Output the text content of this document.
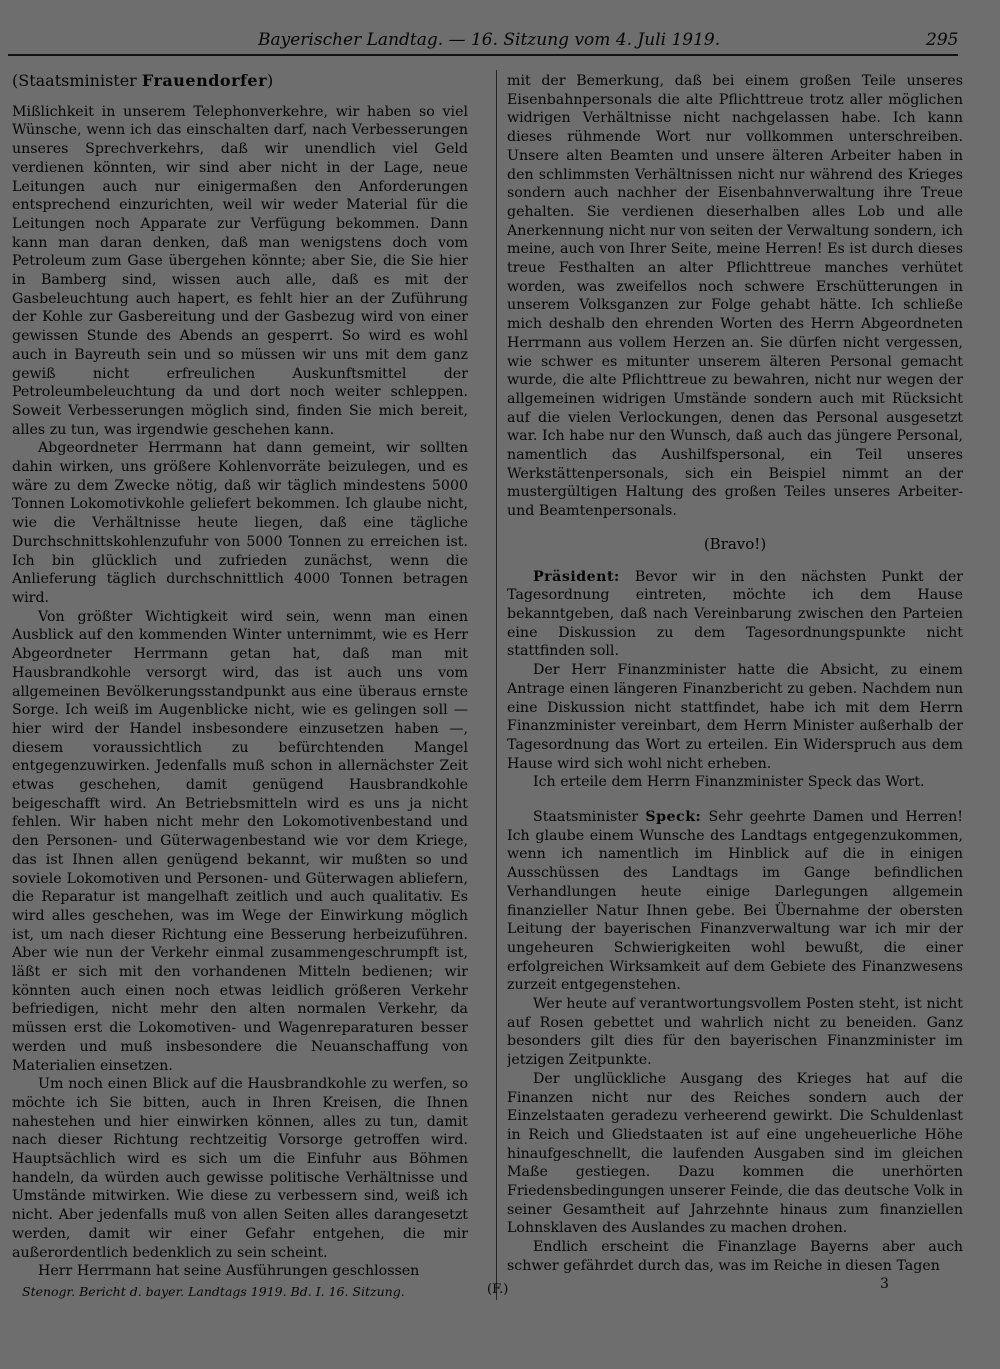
Bayerischer Landtag. — 16. Sitzung vom 4. Juli 1919.	295

(Staatsminister Frauendorfer)

Mißlichkeit in unserem Telephonverkehre, wir haben so viel Wünsche, wenn ich das einschalten darf, nach Verbesserungen unseres Sprechverkehrs, daß wir unendlich viel Geld verdienen könnten, wir sind aber nicht in der Lage, neue Leitungen auch nur einigermaßen den Anforderungen entsprechend einzurichten, weil wir weder Material für die Leitungen noch Apparate zur Verfügung bekommen. Dann kann man daran denken, daß man wenigstens doch vom Petroleum zum Gase übergehen könnte; aber Sie, die Sie hier in Bamberg sind, wissen auch alle, daß es mit der Gasbeleuchtung auch hapert, es fehlt hier an der Zuführung der Kohle zur Gasbereitung und der Gasbezug wird von einer gewissen Stunde des Abends an gesperrt. So wird es wohl auch in Bayreuth sein und so müssen wir uns mit dem ganz gewiß nicht erfreulichen Auskunftsmittel der Petroleumbeleuchtung da und dort noch weiter schleppen. Soweit Verbesserungen möglich sind, finden Sie mich bereit, alles zu tun, was irgendwie geschehen kann.

Abgeordneter Herrmann hat dann gemeint, wir sollten dahin wirken, uns größere Kohlenvorräte beizulegen, und es wäre zu dem Zwecke nötig, daß wir täglich mindestens 5000 Tonnen Lokomotivkohle geliefert bekommen. Ich glaube nicht, wie die Verhältnisse heute liegen, daß eine tägliche Durchschnittskohlenzufuhr von 5000 Tonnen zu erreichen ist. Ich bin glücklich und zufrieden zunächst, wenn die Anlieferung täglich durchschnittlich 4000 Tonnen betragen wird.

Von größter Wichtigkeit wird sein, wenn man einen Ausblick auf den kommenden Winter unternimmt, wie es Herr Abgeordneter Herrmann getan hat, daß man mit Hausbrandkohle versorgt wird, das ist auch uns vom allgemeinen Bevölkerungsstandpunkt aus eine überaus ernste Sorge. Ich weiß im Augenblicke nicht, wie es gelingen soll — hier wird der Handel insbesondere einzusetzen haben —, diesem voraussichtlich zu befürchtenden Mangel entgegenzuwirken. Jedenfalls muß schon in allernächster Zeit etwas geschehen, damit genügend Hausbrandkohle beigeschafft wird. An Betriebsmitteln wird es uns ja nicht fehlen. Wir haben nicht mehr den Lokomotivenbestand und den Personen- und Güterwagenbestand wie vor dem Kriege, das ist Ihnen allen genügend bekannt, wir mußten so und soviele Lokomotiven und Personen- und Güterwagen abliefern, die Reparatur ist mangelhaft zeitlich und auch qualitativ. Es wird alles geschehen, was im Wege der Einwirkung möglich ist, um nach dieser Richtung eine Besserung herbeizuführen. Aber wie nun der Verkehr einmal zusammengeschrumpft ist, läßt er sich mit den vorhandenen Mitteln bedienen; wir könnten auch einen noch etwas leidlich größeren Verkehr befriedigen, nicht mehr den alten normalen Verkehr, da müssen erst die Lokomotiven- und Wagenreparaturen besser werden und muß insbesondere die Neuanschaffung von Materialien einsetzen.

Um noch einen Blick auf die Hausbrandkohle zu werfen, so möchte ich Sie bitten, auch in Ihren Kreisen, die Ihnen nahestehen und hier einwirken können, alles zu tun, damit nach dieser Richtung rechtzeitig Vorsorge getroffen wird. Hauptsächlich wird es sich um die Einfuhr aus Böhmen handeln, da würden auch gewisse politische Verhältnisse und Umstände mitwirken. Wie diese zu verbessern sind, weiß ich nicht. Aber jedenfalls muß von allen Seiten alles darangesetzt werden, damit wir einer Gefahr entgehen, die mir außerordentlich bedenklich zu sein scheint.

Herr Herrmann hat seine Ausführungen geschlossen

mit der Bemerkung, daß bei einem großen Teile unseres Eisenbahnpersonals die alte Pflichttreue trotz aller möglichen widrigen Verhältnisse nicht nachgelassen habe. Ich kann dieses rühmende Wort nur vollkommen unterschreiben. Unsere alten Beamten und unsere älteren Arbeiter haben in den schlimmsten Verhältnissen nicht nur während des Krieges sondern auch nachher der Eisenbahnverwaltung ihre Treue gehalten. Sie verdienen dieserhalben alles Lob und alle Anerkennung nicht nur von seiten der Verwaltung sondern, ich meine, auch von Ihrer Seite, meine Herren! Es ist durch dieses treue Festhalten an alter Pflichttreue manches verhütet worden, was zweifellos noch schwere Erschütterungen in unserem Volksganzen zur Folge gehabt hätte. Ich schließe mich deshalb den ehrenden Worten des Herrn Abgeordneten Herrmann aus vollem Herzen an. Sie dürfen nicht vergessen, wie schwer es mitunter unserem älteren Personal gemacht wurde, die alte Pflichttreue zu bewahren, nicht nur wegen der allgemeinen widrigen Umstände sondern auch mit Rücksicht auf die vielen Verlockungen, denen das Personal ausgesetzt war. Ich habe nur den Wunsch, daß auch das jüngere Personal, namentlich das Aushilfspersonal, ein Teil unseres Werkstättenpersonals, sich ein Beispiel nimmt an der mustergültigen Haltung des großen Teiles unseres Arbeiter- und Beamtenpersonals.

(Bravo!)

Präsident: Bevor wir in den nächsten Punkt der Tagesordnung eintreten, möchte ich dem Hause bekanntgeben, daß nach Vereinbarung zwischen den Parteien eine Diskussion zu dem Tagesordnungspunkte nicht stattfinden soll.

Der Herr Finanzminister hatte die Absicht, zu einem Antrage einen längeren Finanzbericht zu geben. Nachdem nun eine Diskussion nicht stattfindet, habe ich mit dem Herrn Finanzminister vereinbart, dem Herrn Minister außerhalb der Tagesordnung das Wort zu erteilen. Ein Widerspruch aus dem Hause wird sich wohl nicht erheben.

Ich erteile dem Herrn Finanzminister Speck das Wort.

Staatsminister Speck: Sehr geehrte Damen und Herren! Ich glaube einem Wunsche des Landtags entgegenzukommen, wenn ich namentlich im Hinblick auf die in einigen Ausschüssen des Landtags im Gange befindlichen Verhandlungen heute einige Darlegungen allgemein finanzieller Natur Ihnen gebe. Bei Übernahme der obersten Leitung der bayerischen Finanzverwaltung war ich mir der ungeheuren Schwierigkeiten wohl bewußt, die einer erfolgreichen Wirksamkeit auf dem Gebiete des Finanzwesens zurzeit entgegenstehen.

Wer heute auf verantwortungsvollem Posten steht, ist nicht auf Rosen gebettet und wahrlich nicht zu beneiden. Ganz besonders gilt dies für den bayerischen Finanzminister im jetzigen Zeitpunkte.

Der unglückliche Ausgang des Krieges hat auf die Finanzen nicht nur des Reiches sondern auch der Einzelstaaten geradezu verheerend gewirkt. Die Schuldenlast in Reich und Gliedstaaten ist auf eine ungeheuerliche Höhe hinaufgeschnellt, die laufenden Ausgaben sind im gleichen Maße gestiegen. Dazu kommen die unerhörten Friedensbedingungen unserer Feinde, die das deutsche Volk in seiner Gesamtheit auf Jahrzehnte hinaus zum finanziellen Lohnsklaven des Auslandes zu machen drohen.

Endlich erscheint die Finanzlage Bayerns aber auch schwer gefährdet durch das, was im Reiche in diesen Tagen

Stenogr. Bericht d. bayer. Landtags 1919. Bd. I. 16. Sitzung.	(F.)	3
